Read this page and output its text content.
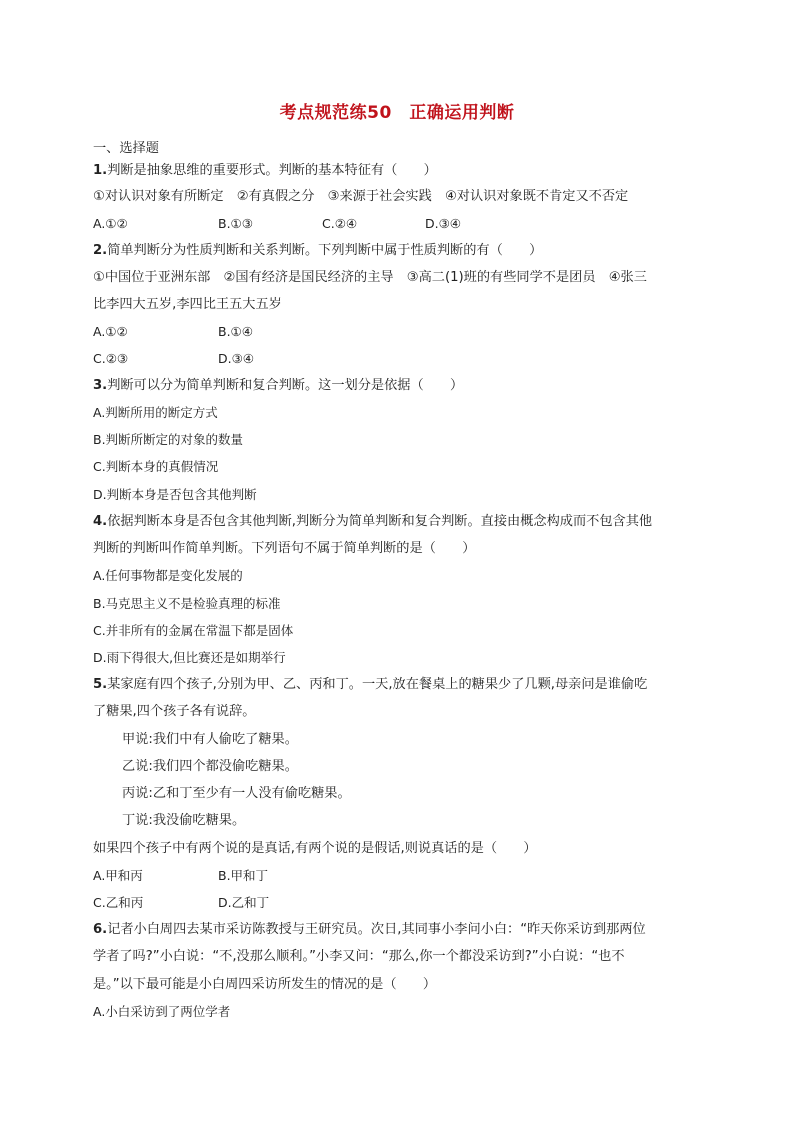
考点规范练50　正确运用判断
一、选择题
1.判断是抽象思维的重要形式。判断的基本特征有（　　）
①对认识对象有所断定　②有真假之分　③来源于社会实践　④对认识对象既不肯定又不否定
A.①②	B.①③	C.②④	D.③④
2.简单判断分为性质判断和关系判断。下列判断中属于性质判断的有（　　）
①中国位于亚洲东部　②国有经济是国民经济的主导　③高二(1)班的有些同学不是团员　④张三
比李四大五岁,李四比王五大五岁
A.①②	B.①④
C.②③	D.③④
3.判断可以分为简单判断和复合判断。这一划分是依据（　　）
A.判断所用的断定方式
B.判断所断定的对象的数量
C.判断本身的真假情况
D.判断本身是否包含其他判断
4.依据判断本身是否包含其他判断,判断分为简单判断和复合判断。直接由概念构成而不包含其他
判断的判断叫作简单判断。下列语句不属于简单判断的是（　　）
A.任何事物都是变化发展的
B.马克思主义不是检验真理的标准
C.并非所有的金属在常温下都是固体
D.雨下得很大,但比赛还是如期举行
5.某家庭有四个孩子,分别为甲、乙、丙和丁。一天,放在餐桌上的糖果少了几颗,母亲问是谁偷吃
了糖果,四个孩子各有说辞。
甲说:我们中有人偷吃了糖果。
乙说:我们四个都没偷吃糖果。
丙说:乙和丁至少有一人没有偷吃糖果。
丁说:我没偷吃糖果。
如果四个孩子中有两个说的是真话,有两个说的是假话,则说真话的是（　　）
A.甲和丙	B.甲和丁
C.乙和丙	D.乙和丁
6.记者小白周四去某市采访陈教授与王研究员。次日,其同事小李问小白：“昨天你采访到那两位
学者了吗?”小白说：“不,没那么顺利。”小李又问：“那么,你一个都没采访到?”小白说：“也不
是。”以下最可能是小白周四采访所发生的情况的是（　　）
A.小白采访到了两位学者
